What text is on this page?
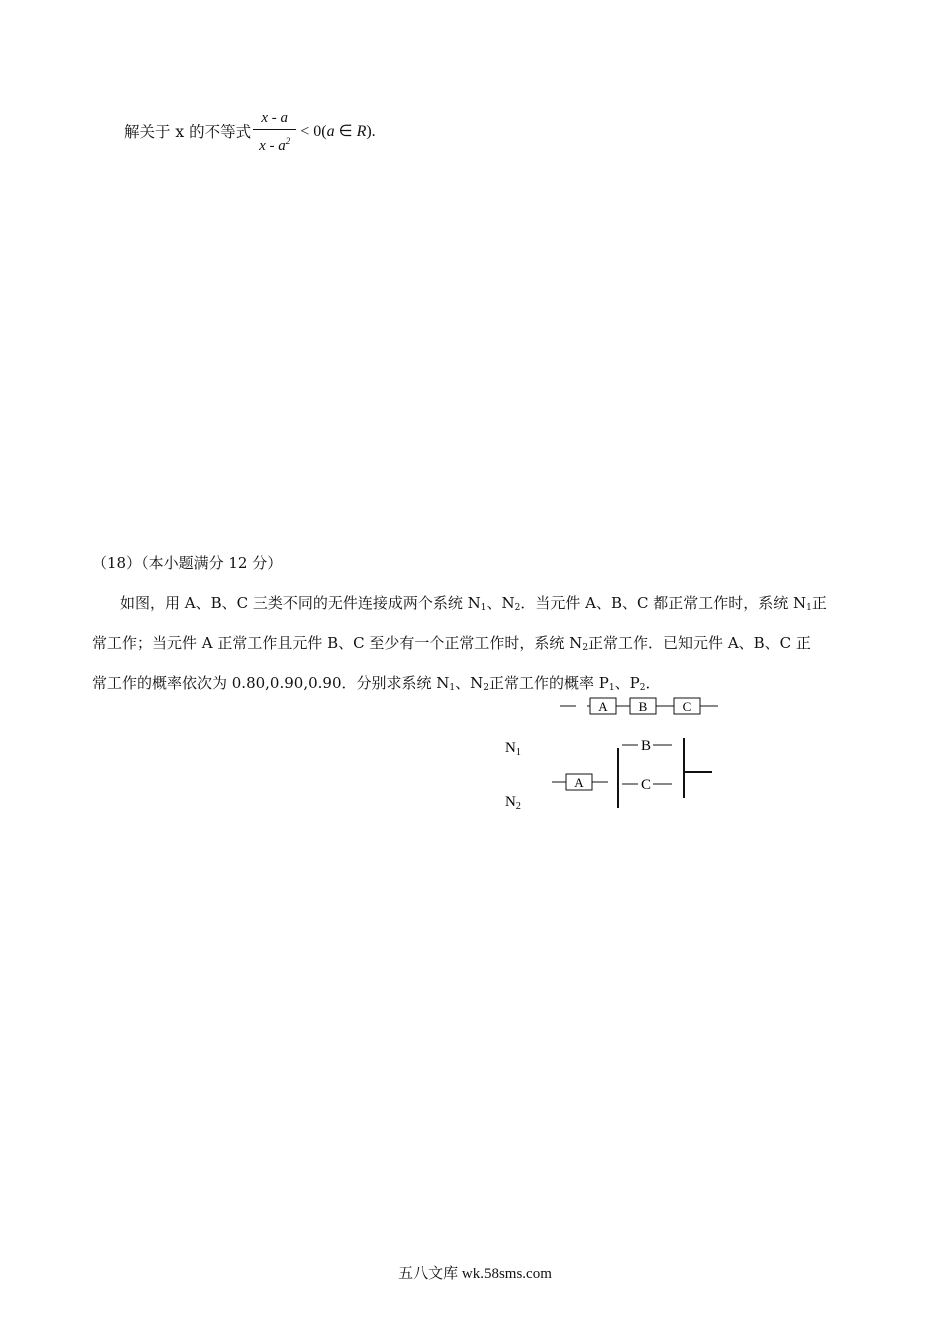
解关于 x 的不等式 $\frac{x - a}{x - a^2} < 0(a$ ∈ R).
（18）（本小题满分 12 分）
如图，用 A、B、C 三类不同的无件连接成两个系统 $N_1$、$N_2$．当元件 A、B、C 都正常工作时，系统 $N_1$正
常工作；当元件 A 正常工作且元件 B、C 至少有一个正常工作时，系统 $N_2$正常工作．已知元件 A、B、C 正
常工作的概率依次为 0.80,0.90,0.90．分别求系统 $N_1$、$N_2$正常工作的概率 $P_1$、$P_2$．
A B	C
A
B
C
$N_1$
$N_2$
五八文库 wk.58sms.com
